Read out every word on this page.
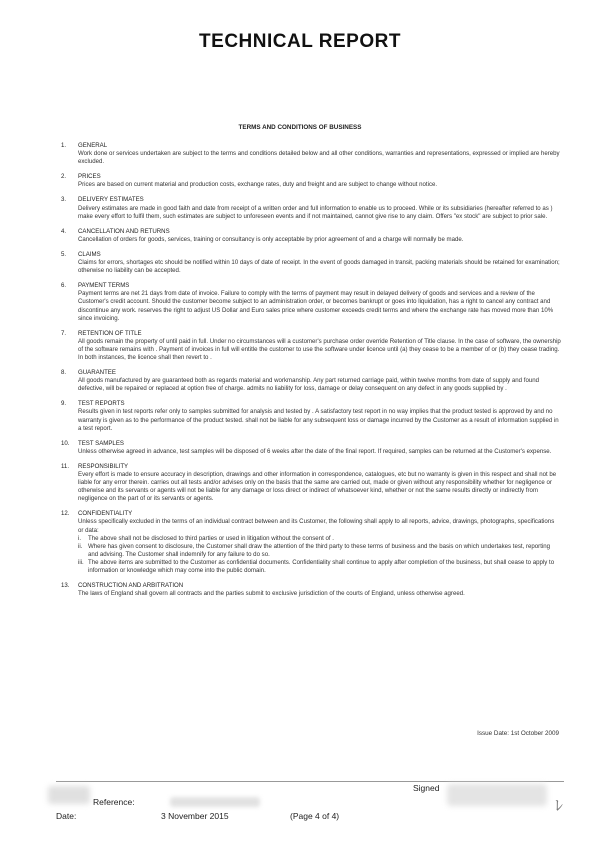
TECHNICAL REPORT
TERMS AND CONDITIONS OF BUSINESS
1. GENERAL
Work done or services undertaken are subject to the terms and conditions detailed below and all other conditions, warranties and representations, expressed or implied are hereby excluded.
2. PRICES
Prices are based on current material and production costs, exchange rates, duty and freight and are subject to change without notice.
3. DELIVERY ESTIMATES
Delivery estimates are made in good faith and date from receipt of a written order and full information to enable us to proceed. While or its subsidiaries (hereafter referred to as ) make every effort to fulfil them, such estimates are subject to unforeseen events and if not maintained, cannot give rise to any claim. Offers "ex stock" are subject to prior sale.
4. CANCELLATION AND RETURNS
Cancellation of orders for goods, services, training or consultancy is only acceptable by prior agreement of and a charge will normally be made.
5. CLAIMS
Claims for errors, shortages etc should be notified within 10 days of date of receipt. In the event of goods damaged in transit, packing materials should be retained for examination; otherwise no liability can be accepted.
6. PAYMENT TERMS
Payment terms are net 21 days from date of invoice. Failure to comply with the terms of payment may result in delayed delivery of goods and services and a review of the Customer's credit account. Should the customer become subject to an administration order, or becomes bankrupt or goes into liquidation, has a right to cancel any contract and discontinue any work. reserves the right to adjust US Dollar and Euro sales price where customer exceeds credit terms and where the exchange rate has moved more than 10% since invoicing.
7. RETENTION OF TITLE
All goods remain the property of until paid in full. Under no circumstances will a customer's purchase order override Retention of Title clause. In the case of software, the ownership of the software remains with . Payment of invoices in full will entitle the customer to use the software under licence until (a) they cease to be a member of or (b) they cease trading. In both instances, the licence shall then revert to .
8. GUARANTEE
All goods manufactured by are guaranteed both as regards material and workmanship. Any part returned carriage paid, within twelve months from date of supply and found defective, will be repaired or replaced at option free of charge. admits no liability for loss, damage or delay consequent on any defect in any goods supplied by .
9. TEST REPORTS
Results given in test reports refer only to samples submitted for analysis and tested by . A satisfactory test report in no way implies that the product tested is approved by and no warranty is given as to the performance of the product tested. shall not be liable for any subsequent loss or damage incurred by the Customer as a result of information supplied in a test report.
10. TEST SAMPLES
Unless otherwise agreed in advance, test samples will be disposed of 6 weeks after the date of the final report. If required, samples can be returned at the Customer's expense.
11. RESPONSIBILITY
Every effort is made to ensure accuracy in description, drawings and other information in correspondence, catalogues, etc but no warranty is given in this respect and shall not be liable for any error therein. carries out all tests and/or advises only on the basis that the same are carried out, made or given without any responsibility whether for negligence or otherwise and its servants or agents will not be liable for any damage or loss direct or indirect of whatsoever kind, whether or not the same results directly or indirectly from negligence on the part of or its servants or agents.
12. CONFIDENTIALITY
Unless specifically excluded in the terms of an individual contract between and its Customer, the following shall apply to all reports, advice, drawings, photographs, specifications or data:
i. The above shall not be disclosed to third parties or used in litigation without the consent of .
ii. Where has given consent to disclosure, the Customer shall draw the attention of the third party to these terms of business and the basis on which undertakes test, reporting and advising. The Customer shall indemnify for any failure to do so.
iii. The above items are submitted to the Customer as confidential documents. Confidentiality shall continue to apply after completion of the business, but shall cease to apply to information or knowledge which may come into the public domain.
13. CONSTRUCTION AND ARBITRATION
The laws of England shall govern all contracts and the parties submit to exclusive jurisdiction of the courts of England, unless otherwise agreed.
Issue Date: 1st October 2009
Signed
ﾚ
Reference:
Date:	3 November 2015	(Page 4 of 4)
